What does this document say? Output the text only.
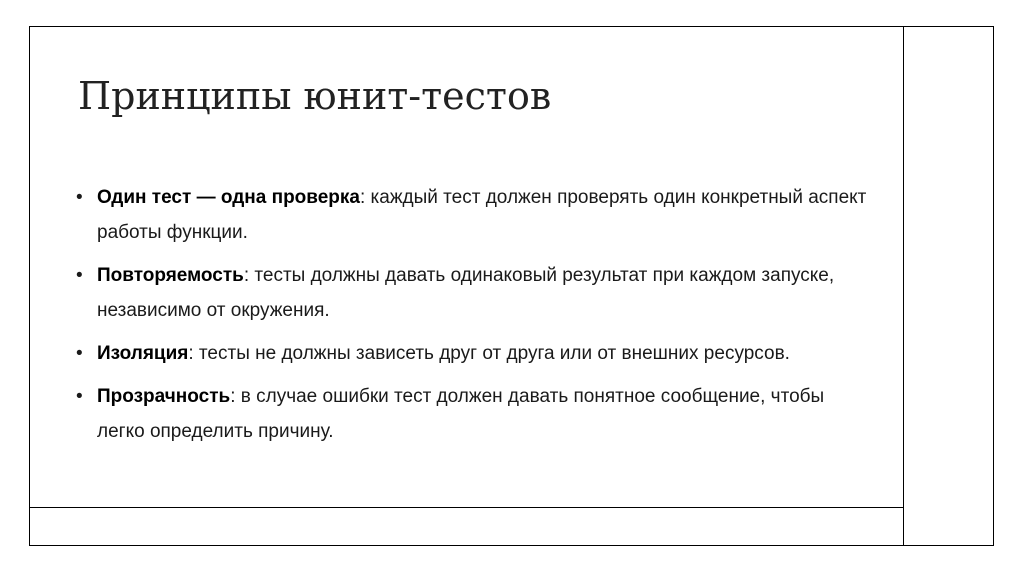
Принципы юнит-тестов
• Один тест — одна проверка: каждый тест должен проверять один конкретный аспект работы функции.
• Повторяемость: тесты должны давать одинаковый результат при каждом запуске, независимо от окружения.
• Изоляция: тесты не должны зависеть друг от друга или от внешних ресурсов.
• Прозрачность: в случае ошибки тест должен давать понятное сообщение, чтобы легко определить причину.
